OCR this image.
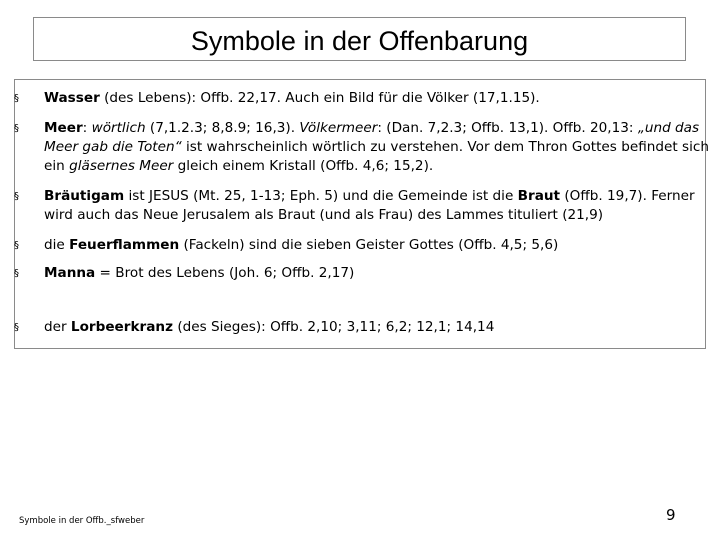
Symbole in der Offenbarung
§	Wasser (des Lebens): Offb. 22,17. Auch ein Bild für die Völker (17,1.15).
§	Meer: wörtlich (7,1.2.3; 8,8.9; 16,3). Völkermeer: (Dan. 7,2.3; Offb. 13,1). Offb. 20,13: „und das Meer gab die Toten“ ist wahrscheinlich wörtlich zu verstehen. Vor dem Thron Gottes befindet sich ein gläsernes Meer gleich einem Kristall (Offb. 4,6; 15,2).
§	Bräutigam ist JESUS (Mt. 25, 1-13; Eph. 5) und die Gemeinde ist die Braut (Offb. 19,7). Ferner wird auch das Neue Jerusalem als Braut (und als Frau) des Lammes tituliert (21,9)
§	die Feuerflammen (Fackeln) sind die sieben Geister Gottes (Offb. 4,5; 5,6)
§	Manna = Brot des Lebens (Joh. 6; Offb. 2,17)
§	der Lorbeerkranz (des Sieges): Offb. 2,10; 3,11; 6,2; 12,1; 14,14
Symbole in der Offb._sfweber	9
